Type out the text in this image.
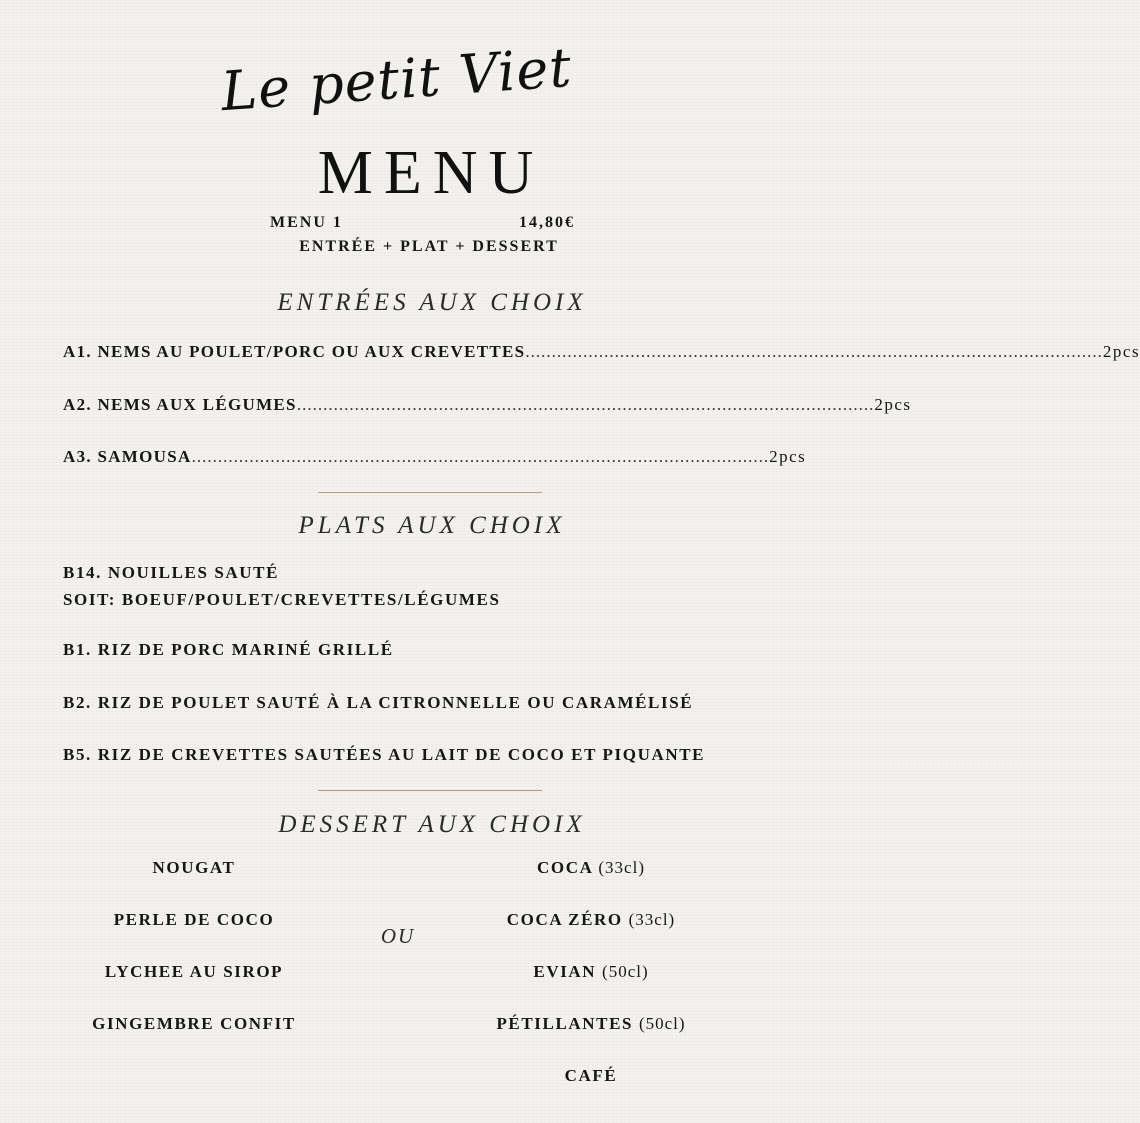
Le petit Viet
MENU
MENU 1	14,80€
ENTRÉE + PLAT + DESSERT
ENTRÉES AUX CHOIX
A1. NEMS AU POULET/PORC OU AUX CREVETTES .............................................................................................................. 2pcs
A2. NEMS AUX LÉGUMES .............................................................................................................. 2pcs
A3. SAMOUSA .............................................................................................................. 2pcs
PLATS AUX CHOIX
B14. NOUILLES SAUTÉ
SOIT: BOEUF/POULET/CREVETTES/LÉGUMES
B1. RIZ DE PORC MARINÉ GRILLÉ
B2. RIZ DE POULET SAUTÉ À LA CITRONNELLE OU CARAMÉLISÉ
B5. RIZ DE CREVETTES SAUTÉES AU LAIT DE COCO ET PIQUANTE
DESSERT AUX CHOIX
NOUGAT
PERLE DE COCO
LYCHEE AU SIROP
GINGEMBRE CONFIT
OU
COCA (33cl)
COCA ZÉRO (33cl)
EVIAN (50cl)
PÉTILLANTES (50cl)
CAFÉ
